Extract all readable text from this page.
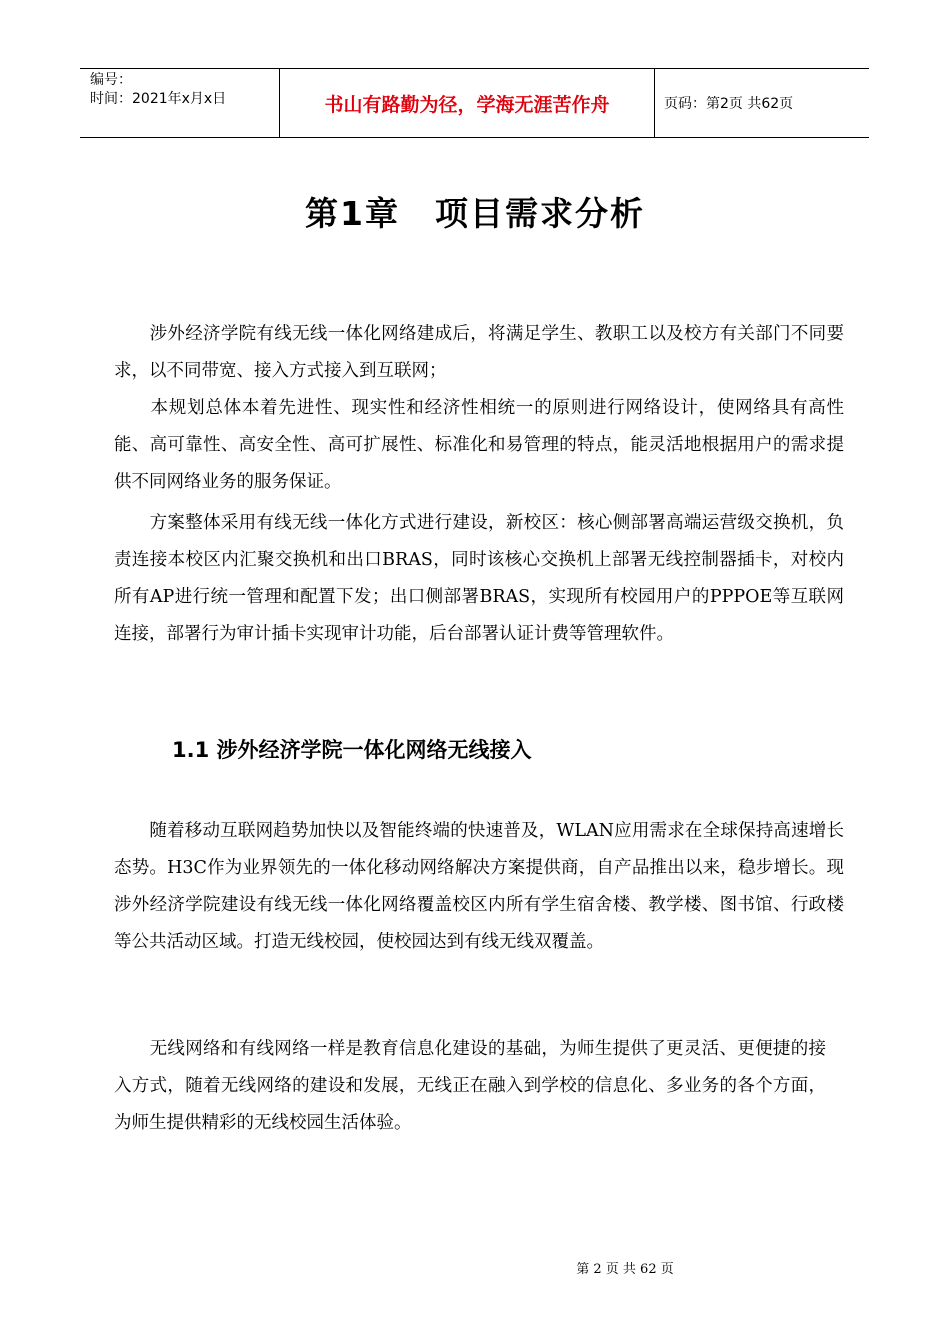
编号：
时间：2021年x月x日	书山有路勤为径，学海无涯苦作舟	页码：第2页 共62页
第1章　项目需求分析

　　涉外经济学院有线无线一体化网络建成后，将满足学生、教职工以及校方有关部门不同要求，以不同带宽、接入方式接入到互联网；

　　本规划总体本着先进性、现实性和经济性相统一的原则进行网络设计，使网络具有高性能、高可靠性、高安全性、高可扩展性、标准化和易管理的特点，能灵活地根据用户的需求提供不同网络业务的服务保证。

　　方案整体采用有线无线一体化方式进行建设，新校区：核心侧部署高端运营级交换机，负责连接本校区内汇聚交换机和出口BRAS，同时该核心交换机上部署无线控制器插卡，对校内所有AP进行统一管理和配置下发；出口侧部署BRAS，实现所有校园用户的PPPOE等互联网连接，部署行为审计插卡实现审计功能，后台部署认证计费等管理软件。

1.1 涉外经济学院一体化网络无线接入

　　随着移动互联网趋势加快以及智能终端的快速普及，WLAN应用需求在全球保持高速增长态势。H3C作为业界领先的一体化移动网络解决方案提供商，自产品推出以来，稳步增长。现涉外经济学院建设有线无线一体化网络覆盖校区内所有学生宿舍楼、教学楼、图书馆、行政楼等公共活动区域。打造无线校园，使校园达到有线无线双覆盖。

　　无线网络和有线网络一样是教育信息化建设的基础，为师生提供了更灵活、更便捷的接入方式，随着无线网络的建设和发展，无线正在融入到学校的信息化、多业务的各个方面，为师生提供精彩的无线校园生活体验。

第 2 页 共 62 页
